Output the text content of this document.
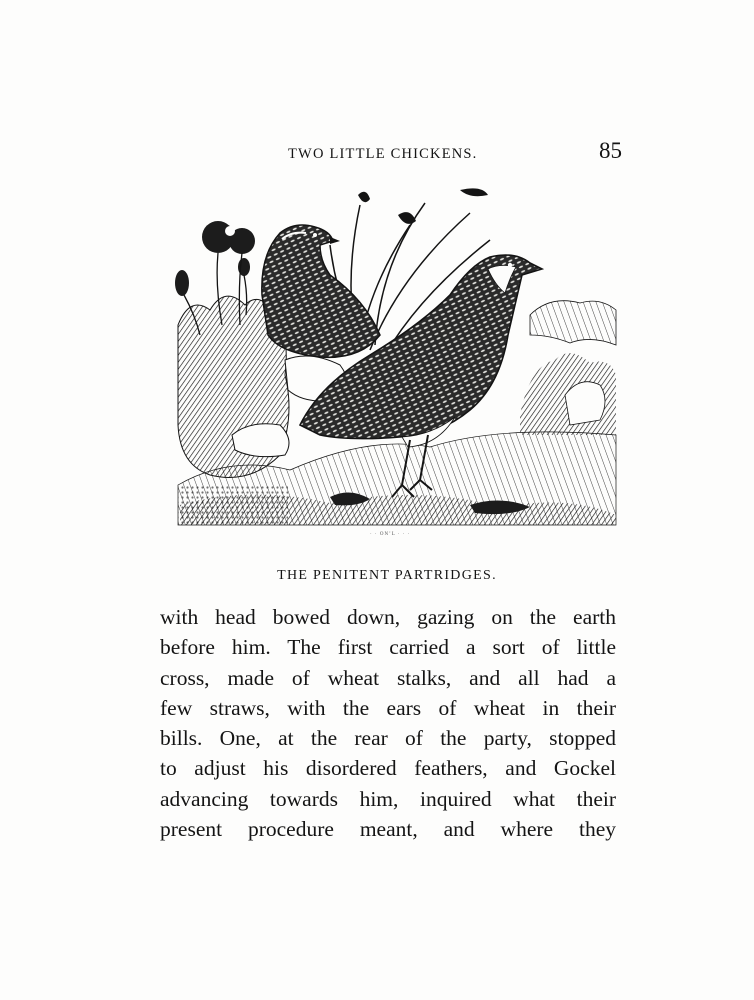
TWO LITTLE CHICKENS.	85
· · ON’L · · ·
THE PENITENT PARTRIDGES.
with head bowed down, gazing on the earth
before him. The first carried a sort of little
cross, made of wheat stalks, and all had a
few straws, with the ears of wheat in their
bills. One, at the rear of the party, stopped
to adjust his disordered feathers, and Gockel
advancing towards him, inquired what their
present procedure meant, and where they
